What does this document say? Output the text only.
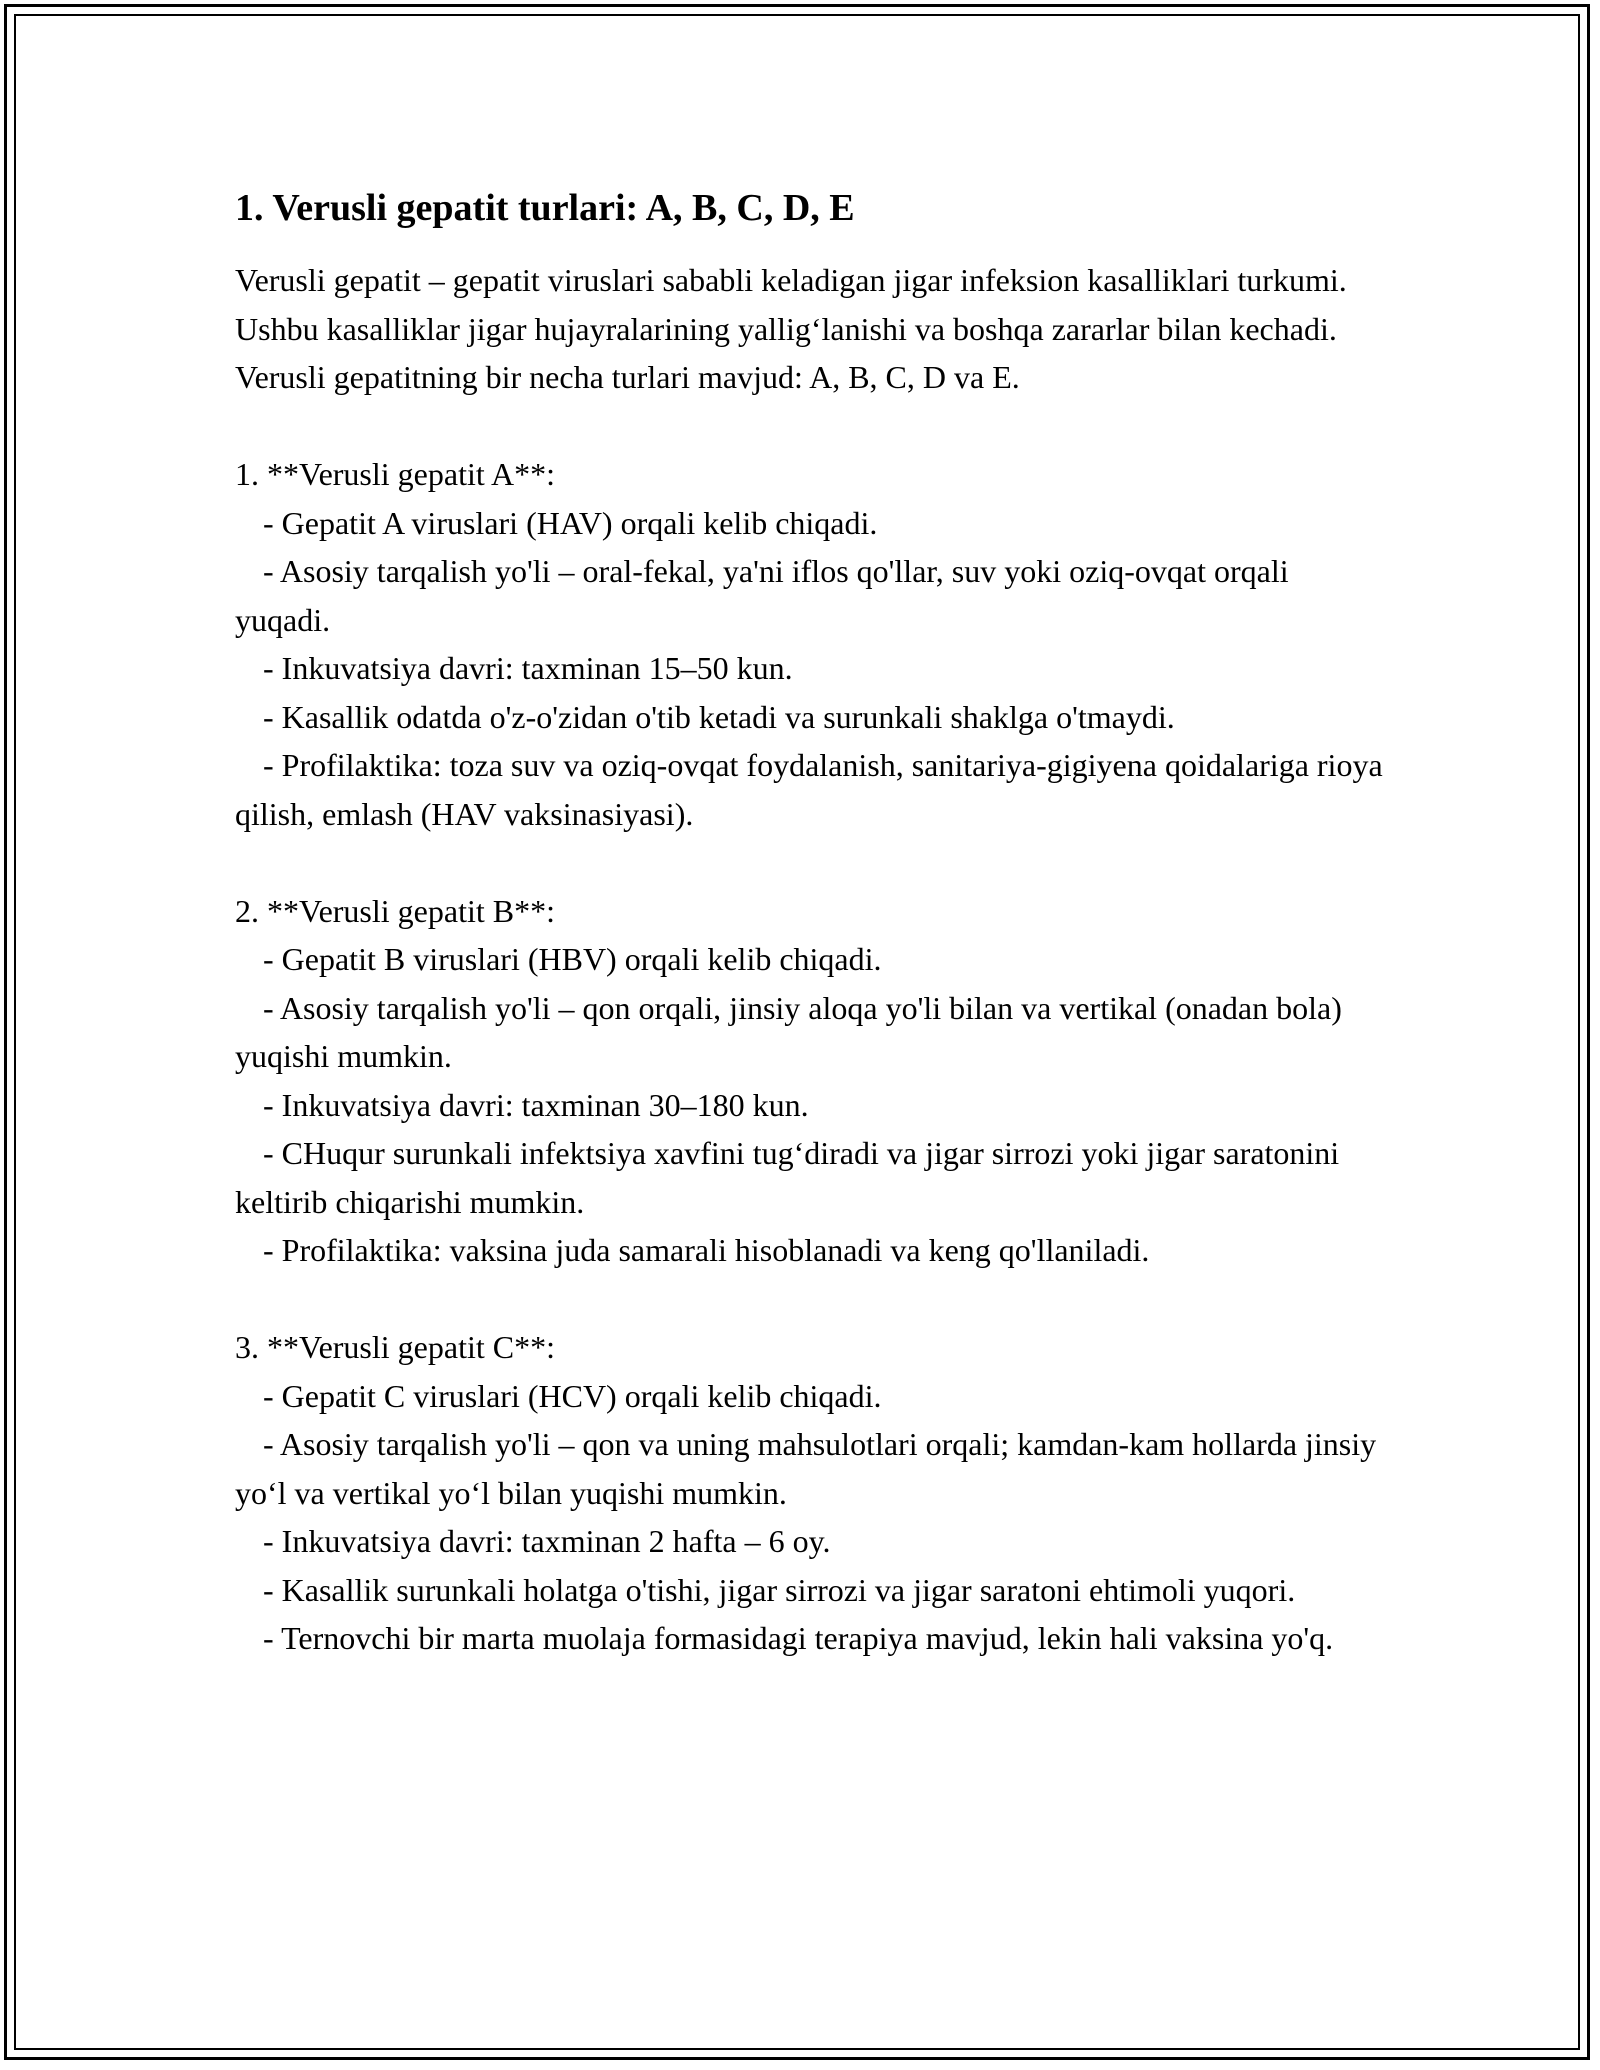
1. Verusli gepatit turlari: A, B, C, D, E

Verusli gepatit – gepatit viruslari sababli keladigan jigar infeksion kasalliklari turkumi. Ushbu kasalliklar jigar hujayralarining yallig‘lanishi va boshqa zararlar bilan kechadi. Verusli gepatitning bir necha turlari mavjud: A, B, C, D va E.

1. **Verusli gepatit A**:

- Gepatit A viruslari (HAV) orqali kelib chiqadi.

- Asosiy tarqalish yo'li – oral-fekal, ya'ni iflos qo'llar, suv yoki oziq-ovqat orqali yuqadi.

- Inkuvatsiya davri: taxminan 15–50 kun.

- Kasallik odatda o'z-o'zidan o'tib ketadi va surunkali shaklga o'tmaydi.

- Profilaktika: toza suv va oziq-ovqat foydalanish, sanitariya-gigiyena qoidalariga rioya qilish, emlash (HAV vaksinasiyasi).

2. **Verusli gepatit B**:

- Gepatit B viruslari (HBV) orqali kelib chiqadi.

- Asosiy tarqalish yo'li – qon orqali, jinsiy aloqa yo'li bilan va vertikal (onadan bola) yuqishi mumkin.

- Inkuvatsiya davri: taxminan 30–180 kun.

- CHuqur surunkali infektsiya xavfini tug‘diradi va jigar sirrozi yoki jigar saratonini keltirib chiqarishi mumkin.

- Profilaktika: vaksina juda samarali hisoblanadi va keng qo'llaniladi.

3. **Verusli gepatit C**:

- Gepatit C viruslari (HCV) orqali kelib chiqadi.

- Asosiy tarqalish yo'li – qon va uning mahsulotlari orqali; kamdan-kam hollarda jinsiy yo‘l va vertikal yo‘l bilan yuqishi mumkin.

- Inkuvatsiya davri: taxminan 2 hafta – 6 oy.

- Kasallik surunkali holatga o'tishi, jigar sirrozi va jigar saratoni ehtimoli yuqori.

- Ternovchi bir marta muolaja formasidagi terapiya mavjud, lekin hali vaksina yo'q.
